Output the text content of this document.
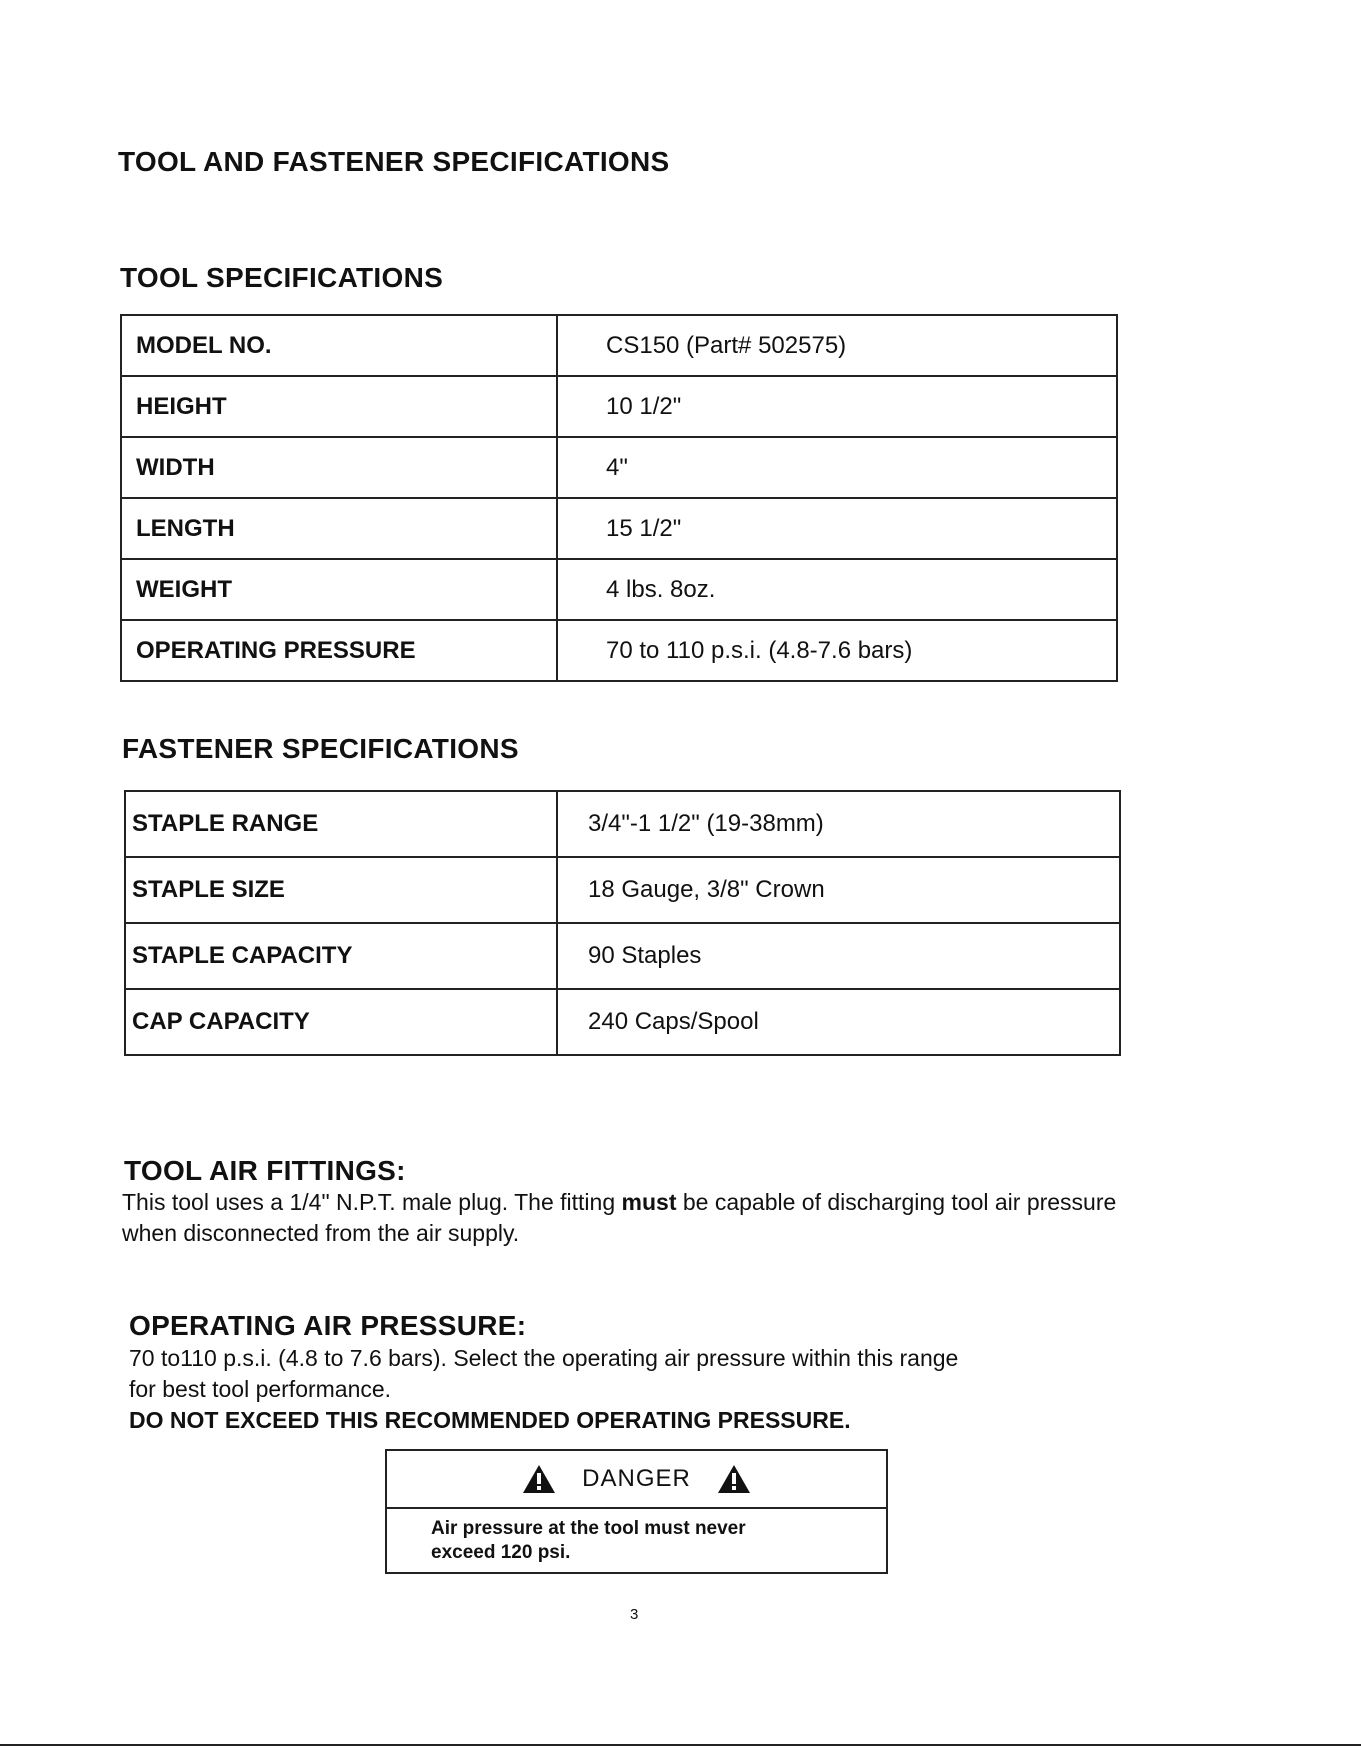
TOOL AND FASTENER SPECIFICATIONS
TOOL SPECIFICATIONS
MODEL NO.	CS150 (Part# 502575)
HEIGHT	10 1/2"
WIDTH	4"
LENGTH	15 1/2"
WEIGHT	4 lbs. 8oz.
OPERATING PRESSURE	70 to 110 p.s.i. (4.8-7.6 bars)
FASTENER SPECIFICATIONS
STAPLE RANGE	3/4"-1 1/2" (19-38mm)
STAPLE SIZE	18 Gauge, 3/8" Crown
STAPLE CAPACITY	90 Staples
CAP CAPACITY	240 Caps/Spool
TOOL AIR FITTINGS:
This tool uses a 1/4" N.P.T. male plug. The fitting must be capable of discharging tool air pressure when disconnected from the air supply.
OPERATING AIR PRESSURE:
70 to110 p.s.i. (4.8 to 7.6 bars). Select the operating air pressure within this range
for best tool performance.
DO NOT EXCEED THIS RECOMMENDED OPERATING PRESSURE.
DANGER
Air pressure at the tool must never
exceed 120 psi.
3
